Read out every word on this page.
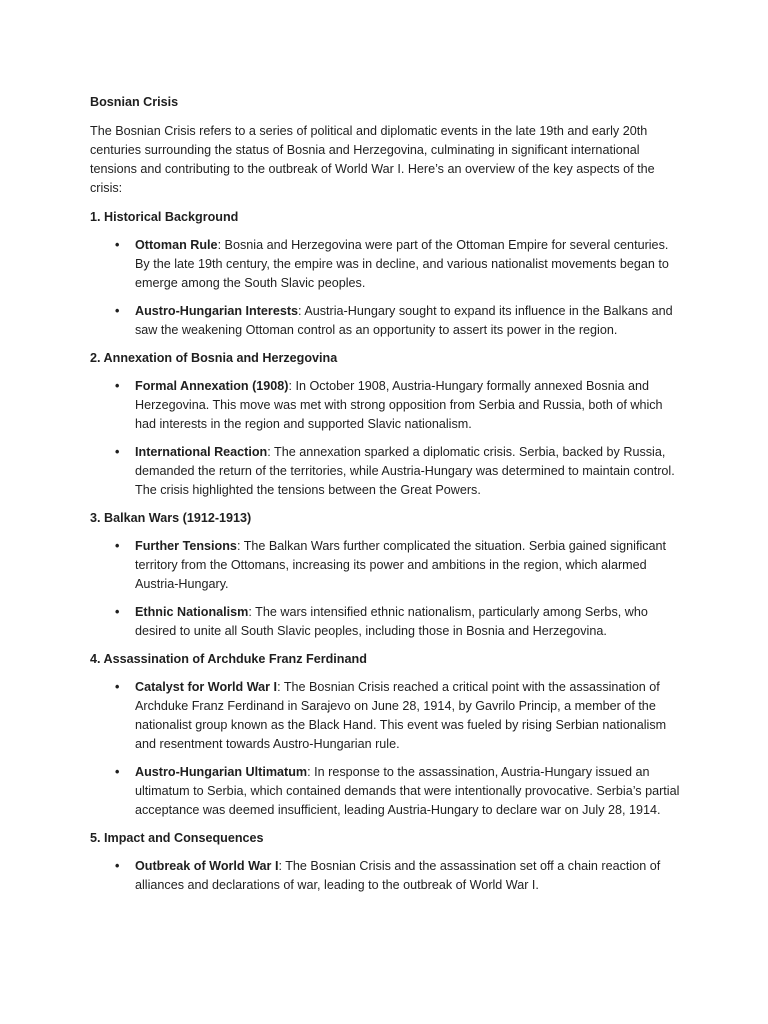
Bosnian Crisis

The Bosnian Crisis refers to a series of political and diplomatic events in the late 19th and early 20th centuries surrounding the status of Bosnia and Herzegovina, culminating in significant international tensions and contributing to the outbreak of World War I. Here’s an overview of the key aspects of the crisis:

1. Historical Background
• Ottoman Rule: Bosnia and Herzegovina were part of the Ottoman Empire for several centuries. By the late 19th century, the empire was in decline, and various nationalist movements began to emerge among the South Slavic peoples.
• Austro-Hungarian Interests: Austria-Hungary sought to expand its influence in the Balkans and saw the weakening Ottoman control as an opportunity to assert its power in the region.
2. Annexation of Bosnia and Herzegovina
• Formal Annexation (1908): In October 1908, Austria-Hungary formally annexed Bosnia and Herzegovina. This move was met with strong opposition from Serbia and Russia, both of which had interests in the region and supported Slavic nationalism.
• International Reaction: The annexation sparked a diplomatic crisis. Serbia, backed by Russia, demanded the return of the territories, while Austria-Hungary was determined to maintain control. The crisis highlighted the tensions between the Great Powers.
3. Balkan Wars (1912-1913)
• Further Tensions: The Balkan Wars further complicated the situation. Serbia gained significant territory from the Ottomans, increasing its power and ambitions in the region, which alarmed Austria-Hungary.
• Ethnic Nationalism: The wars intensified ethnic nationalism, particularly among Serbs, who desired to unite all South Slavic peoples, including those in Bosnia and Herzegovina.
4. Assassination of Archduke Franz Ferdinand
• Catalyst for World War I: The Bosnian Crisis reached a critical point with the assassination of Archduke Franz Ferdinand in Sarajevo on June 28, 1914, by Gavrilo Princip, a member of the nationalist group known as the Black Hand. This event was fueled by rising Serbian nationalism and resentment towards Austro-Hungarian rule.
• Austro-Hungarian Ultimatum: In response to the assassination, Austria-Hungary issued an ultimatum to Serbia, which contained demands that were intentionally provocative. Serbia’s partial acceptance was deemed insufficient, leading Austria-Hungary to declare war on July 28, 1914.
5. Impact and Consequences
• Outbreak of World War I: The Bosnian Crisis and the assassination set off a chain reaction of alliances and declarations of war, leading to the outbreak of World War I.
